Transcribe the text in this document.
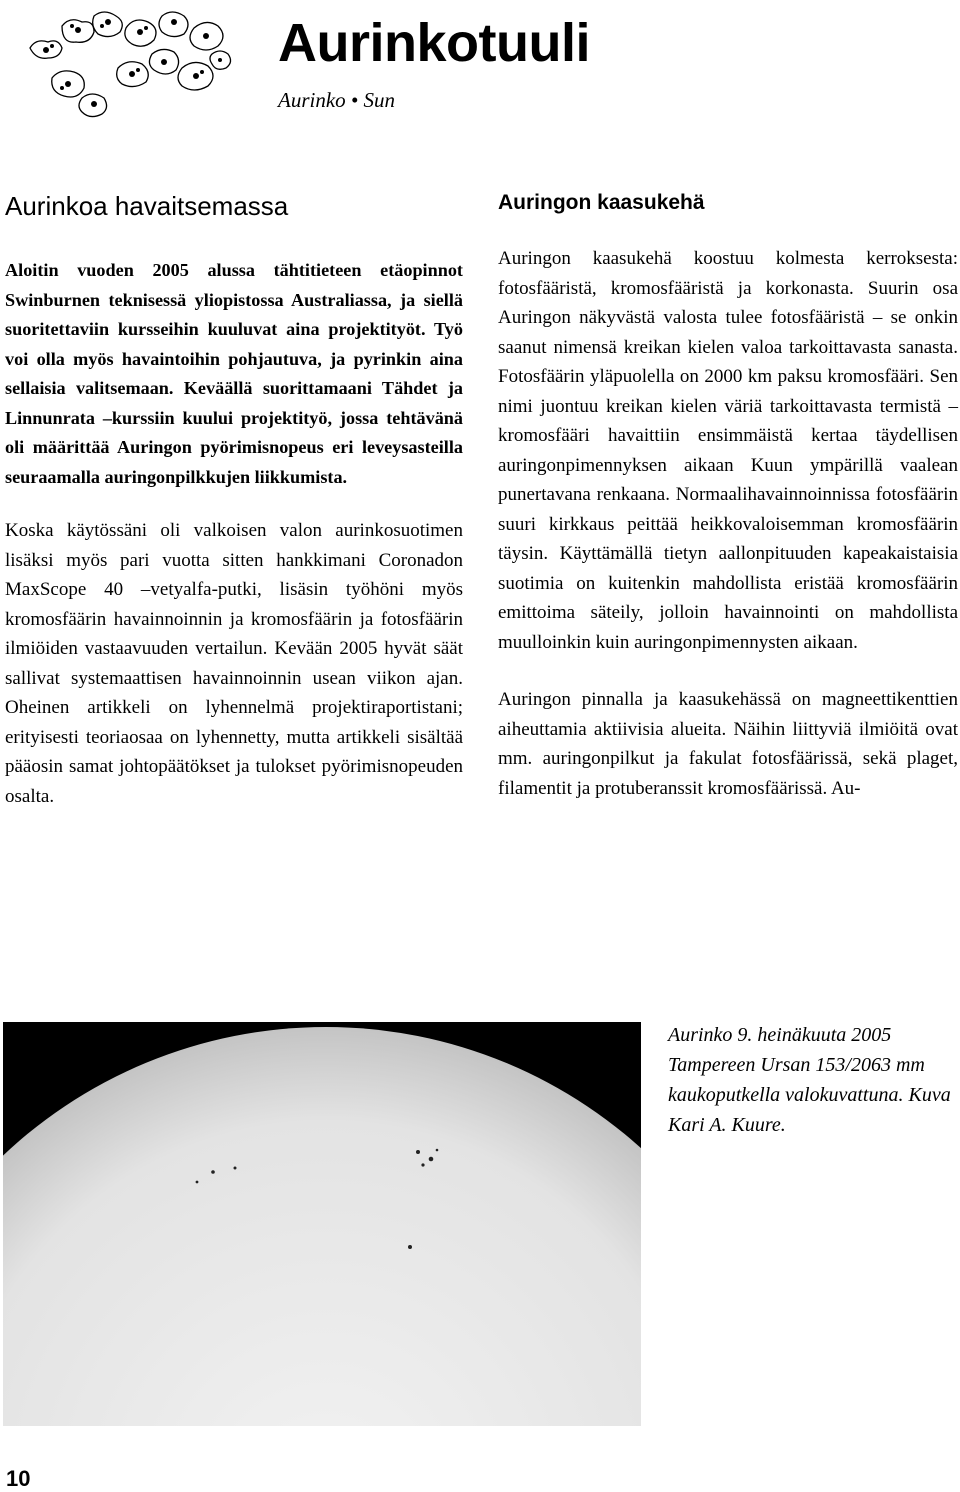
Aurinkotuuli
Aurinko • Sun
Aurinkoa havaitsemassa

Aloitin vuoden 2005 alussa tähtitieteen etäopinnot Swinburnen teknisessä yliopistossa Australiassa, ja siellä suoritettaviin kursseihin kuuluvat aina projektityöt. Työ voi olla myös havaintoihin pohjautuva, ja pyrinkin aina sellaisia valitsemaan. Keväällä suorittamaani Tähdet ja Linnunrata –kurssiin kuului projektityö, jossa tehtävänä oli määrittää Auringon pyörimisnopeus eri leveysasteilla seuraamalla auringonpilkkujen liikkumista.

Koska käytössäni oli valkoisen valon aurinkosuotimen lisäksi myös pari vuotta sitten hankkimani Coronadon MaxScope 40 –vetyalfa-putki, lisäsin työhöni myös kromosfäärin havainnoinnin ja kromosfäärin ja fotosfäärin ilmiöiden vastaavuuden vertailun. Kevään 2005 hyvät säät sallivat systemaattisen havainnoinnin usean viikon ajan. Oheinen artikkeli on lyhennelmä projektiraportistani; erityisesti teoriaosaa on lyhennetty, mutta artikkeli sisältää pääosin samat johtopäätökset ja tulokset pyörimisnopeuden osalta.

Auringon kaasukehä

Auringon kaasukehä koostuu kolmesta kerroksesta: fotosfääristä, kromosfääristä ja korkonasta. Suurin osa Auringon näkyvästä valosta tulee fotosfääristä – se onkin saanut nimensä kreikan kielen valoa tarkoittavasta sanasta. Fotosfäärin yläpuolella on 2000 km paksu kromosfääri. Sen nimi juontuu kreikan kielen väriä tarkoittavasta termistä – kromosfääri havaittiin ensimmäistä kertaa täydellisen auringonpimennyksen aikaan Kuun ympärillä vaalean punertavana renkaana. Normaalihavainnoinnissa fotosfäärin suuri kirkkaus peittää heikkovaloisemman kromosfäärin täysin. Käyttämällä tietyn aallonpituuden kapeakaistaisia suotimia on kuitenkin mahdollista eristää kromosfäärin emittoima säteily, jolloin havainnointi on mahdollista muulloinkin kuin auringonpimennysten aikaan.

Auringon pinnalla ja kaasukehässä on magneettikenttien aiheuttamia aktiivisia alueita. Näihin liittyviä ilmiöitä ovat mm. auringonpilkut ja fakulat fotosfäärissä, sekä plaget, filamentit ja protuberanssit kromosfäärissä. Au-

Aurinko 9. heinäkuuta 2005 Tampereen Ursan 153/2063 mm kaukoputkella valokuvattuna. Kuva Kari A. Kuure.

10
